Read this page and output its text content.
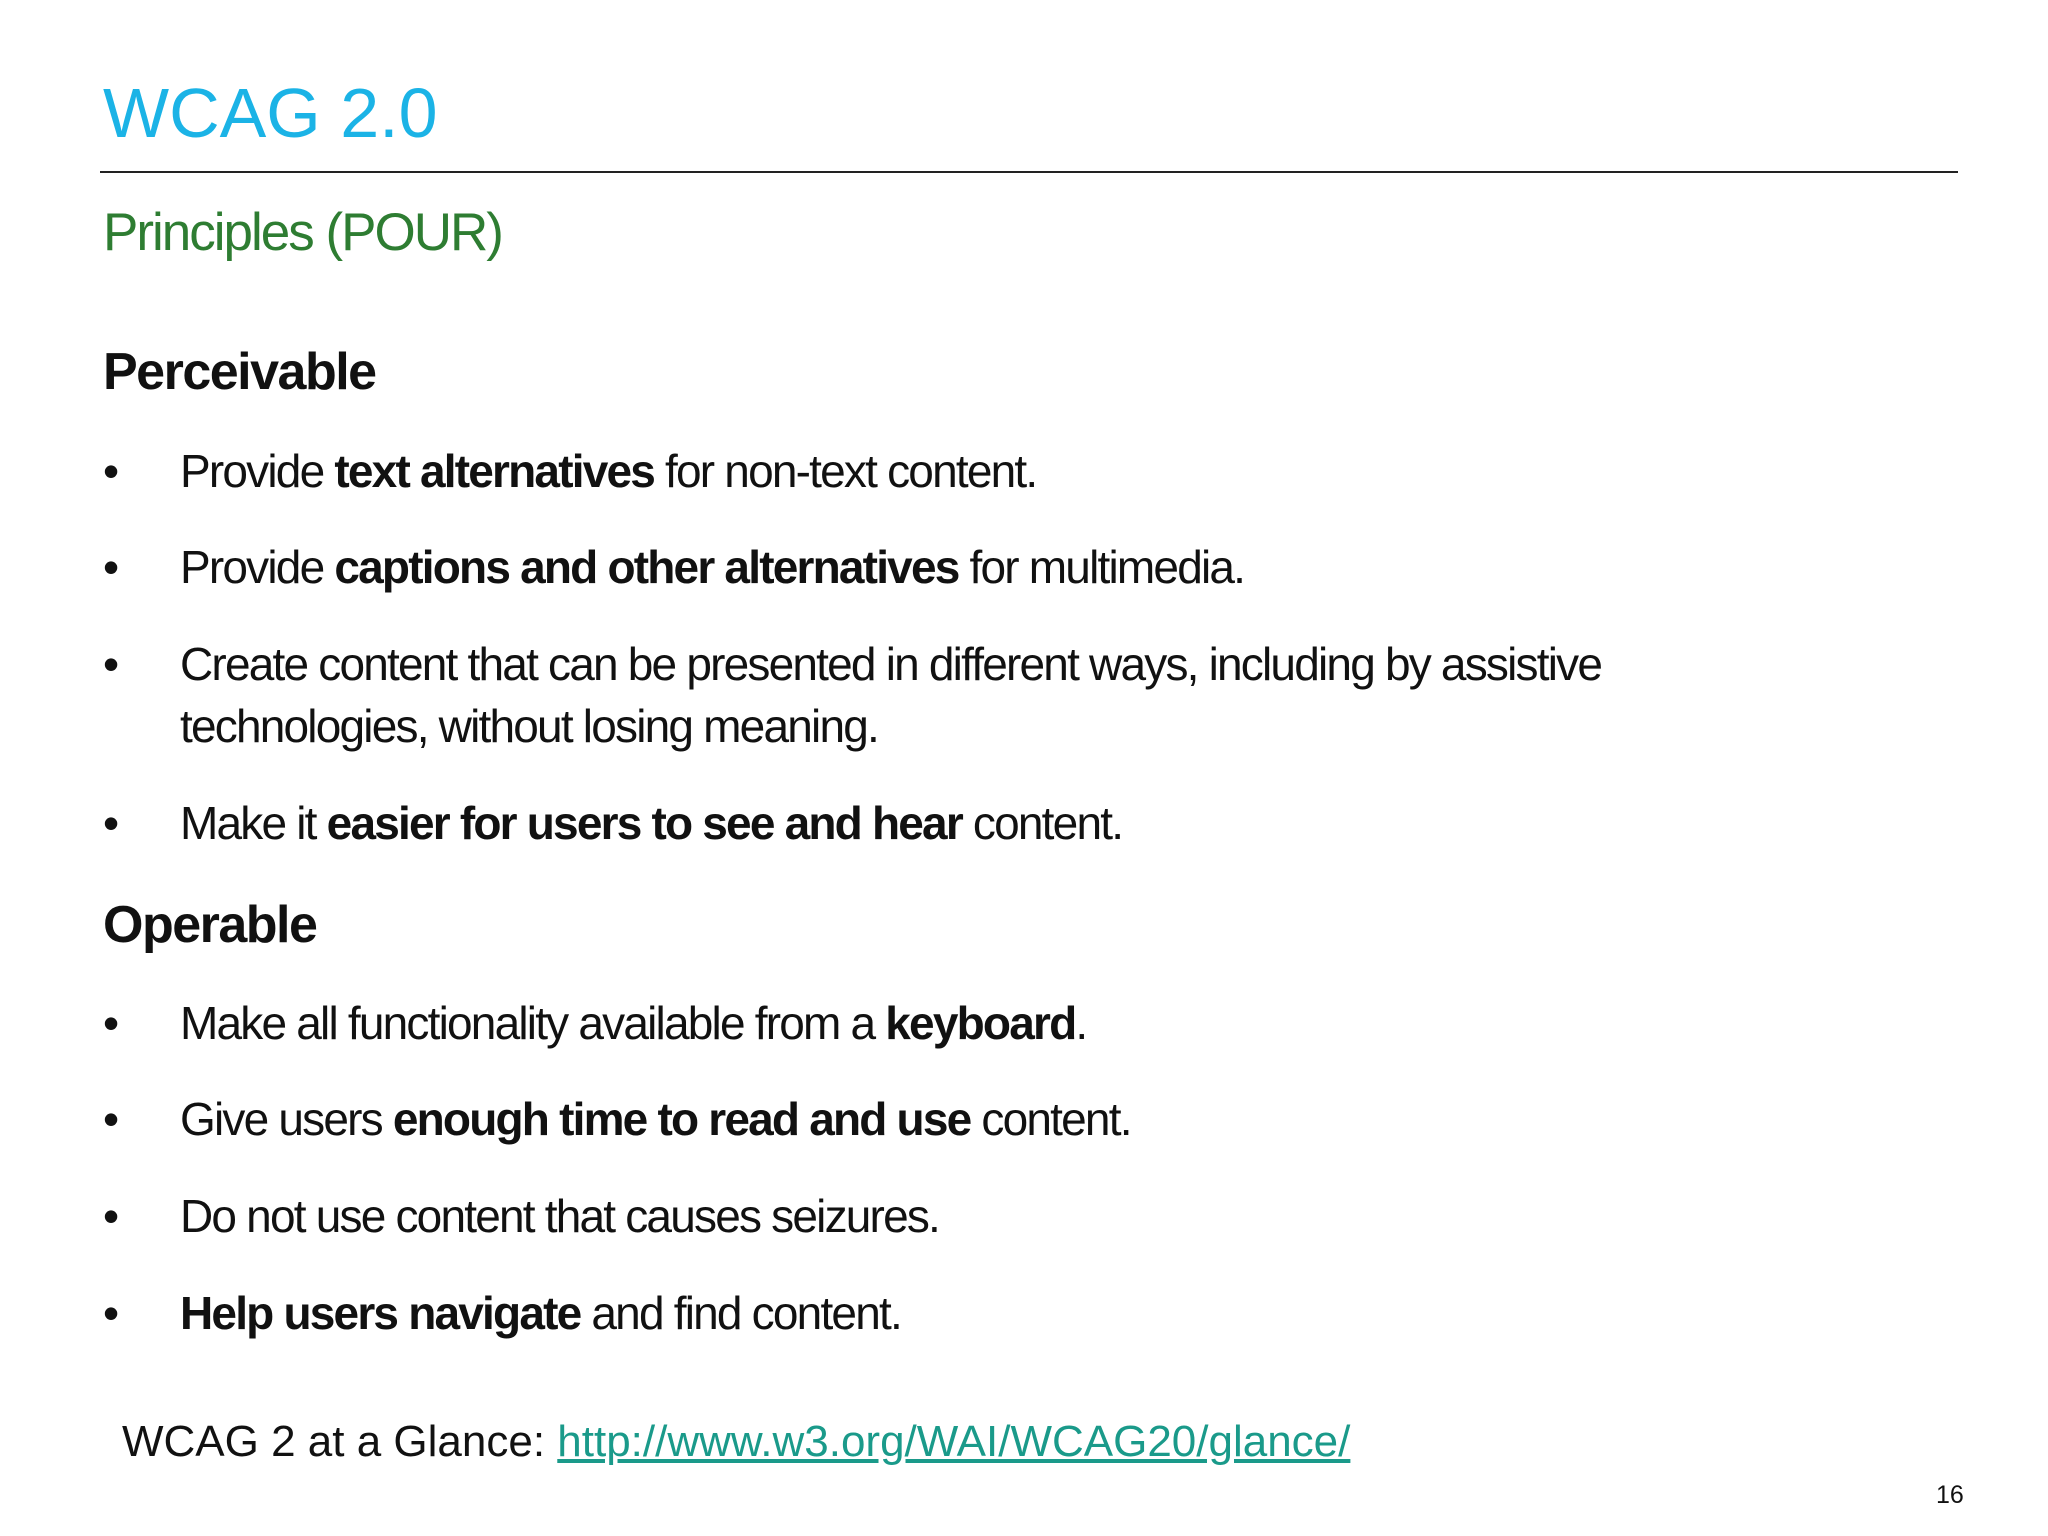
WCAG 2.0
Principles (POUR)
Perceivable
•	Provide text alternatives for non-text content.
•	Provide captions and other alternatives for multimedia.
•	Create content that can be presented in different ways, including by assistive technologies, without losing meaning.
•	Make it easier for users to see and hear content.
Operable
•	Make all functionality available from a keyboard.
•	Give users enough time to read and use content.
•	Do not use content that causes seizures.
•	Help users navigate and find content.
WCAG 2 at a Glance: http://www.w3.org/WAI/WCAG20/glance/
16
